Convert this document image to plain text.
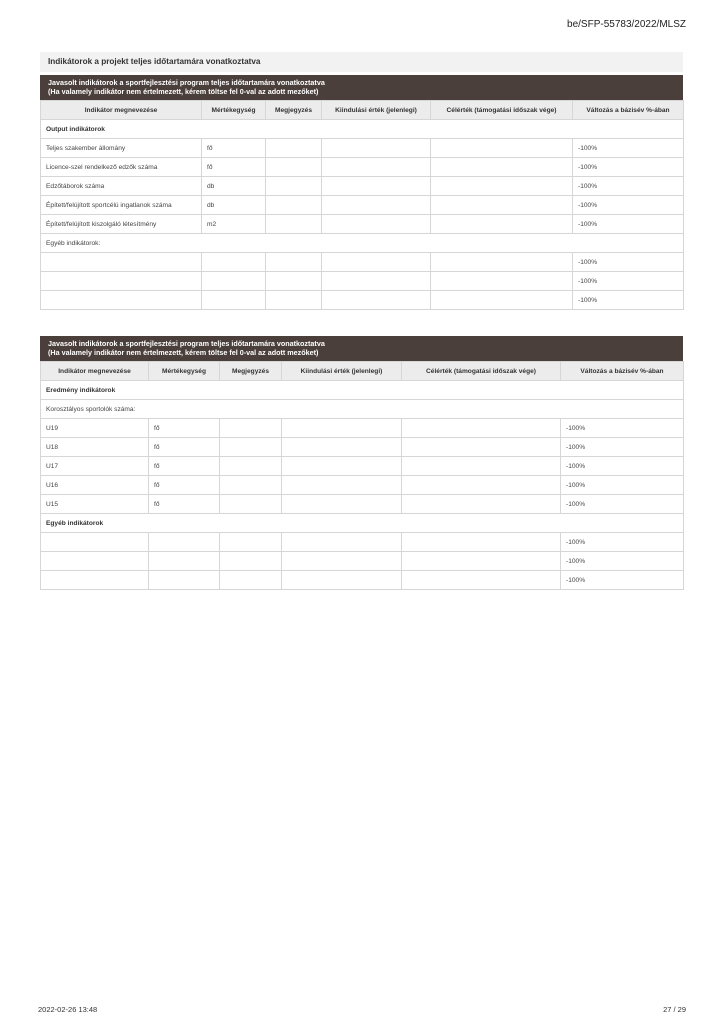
be/SFP-55783/2022/MLSZ
Indikátorok a projekt teljes időtartamára vonatkoztatva
Javasolt indikátorok a sportfejlesztési program teljes időtartamára vonatkoztatva
(Ha valamely indikátor nem értelmezett, kérem töltse fel 0-val az adott mezőket)
Indikátor megnevezése	Mértékegység	Megjegyzés	Kiindulási érték (jelenlegi)	Célérték (támogatási időszak vége)	Változás a bázisév %-ában
Output indikátorok					
Teljes szakember állomány	fő				-100%
Licence-szel rendelkező edzők száma	fő				-100%
Edzőtáborok száma	db				-100%
Épített/felújított sportcélú ingatlanok száma	db				-100%
Épített/felújított kiszolgáló létesítmény	m2				-100%
Egyéb indikátorok:					
					-100%
					-100%
					-100%
Javasolt indikátorok a sportfejlesztési program teljes időtartamára vonatkoztatva
(Ha valamely indikátor nem értelmezett, kérem töltse fel 0-val az adott mezőket)
Indikátor megnevezése	Mértékegység	Megjegyzés	Kiindulási érték (jelenlegi)	Célérték (támogatási időszak vége)	Változás a bázisév %-ában
Eredmény indikátorok					
Korosztályos sportolók száma:					
U19	fő				-100%
U18	fő				-100%
U17	fő				-100%
U16	fő				-100%
U15	fő				-100%
Egyéb indikátorok					
					-100%
					-100%
					-100%
2022-02-26 13:48	27 / 29
